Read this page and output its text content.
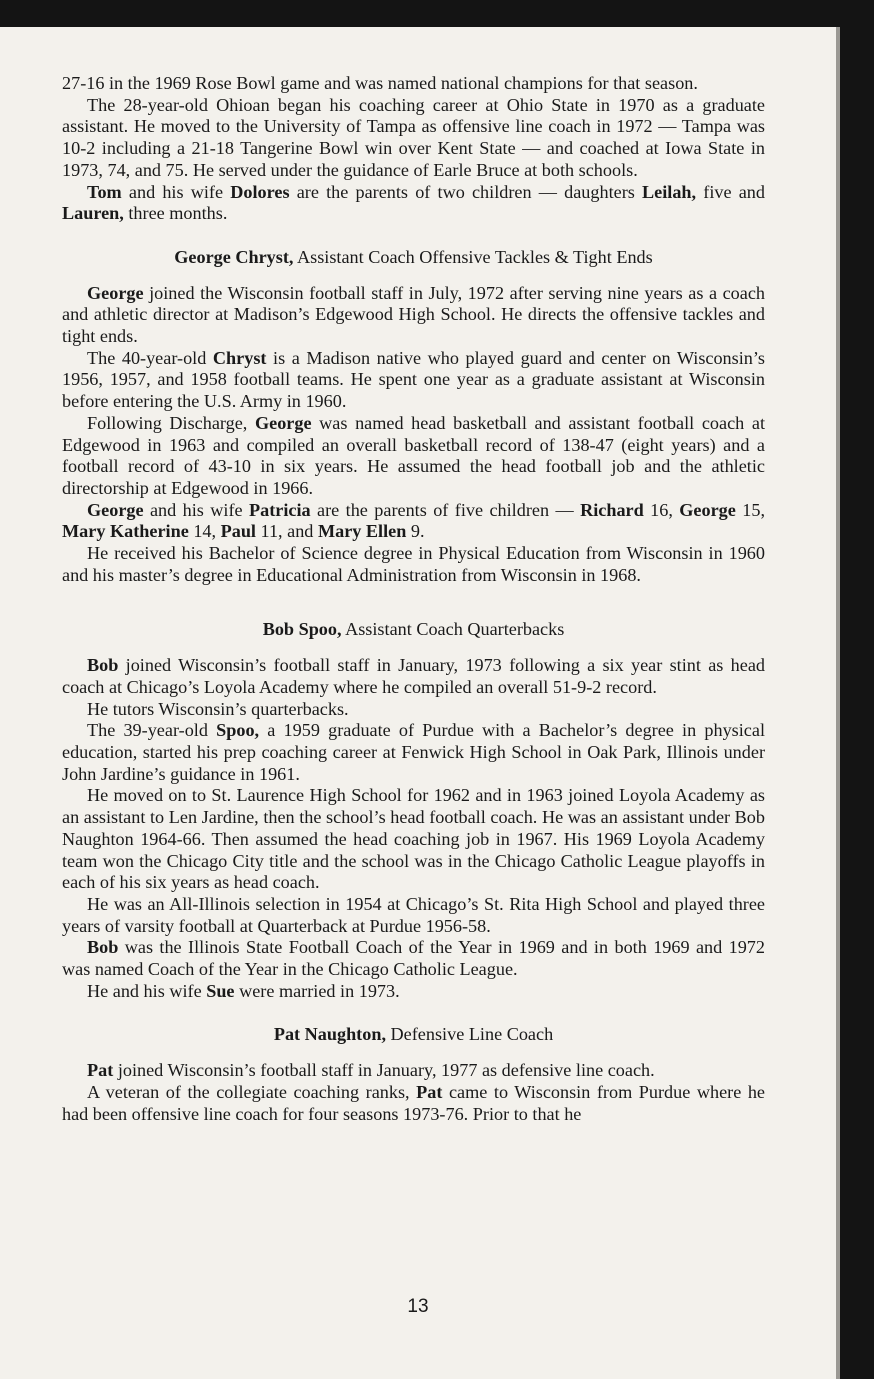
27-16 in the 1969 Rose Bowl game and was named national champions for that season.

The 28-year-old Ohioan began his coaching career at Ohio State in 1970 as a graduate assistant. He moved to the University of Tampa as offensive line coach in 1972 — Tampa was 10-2 including a 21-18 Tangerine Bowl win over Kent State — and coached at Iowa State in 1973, 74, and 75. He served under the guidance of Earle Bruce at both schools.

Tom and his wife Dolores are the parents of two children — daughters Leilah, five and Lauren, three months.

George Chryst, Assistant Coach Offensive Tackles & Tight Ends

George joined the Wisconsin football staff in July, 1972 after serving nine years as a coach and athletic director at Madison’s Edgewood High School. He directs the offensive tackles and tight ends.

The 40-year-old Chryst is a Madison native who played guard and center on Wisconsin’s 1956, 1957, and 1958 football teams. He spent one year as a graduate assistant at Wisconsin before entering the U.S. Army in 1960.

Following Discharge, George was named head basketball and assistant football coach at Edgewood in 1963 and compiled an overall basketball record of 138-47 (eight years) and a football record of 43-10 in six years. He assumed the head football job and the athletic directorship at Edgewood in 1966.

George and his wife Patricia are the parents of five children — Richard 16, George 15, Mary Katherine 14, Paul 11, and Mary Ellen 9.

He received his Bachelor of Science degree in Physical Education from Wisconsin in 1960 and his master’s degree in Educational Administration from Wisconsin in 1968.

Bob Spoo, Assistant Coach Quarterbacks

Bob joined Wisconsin’s football staff in January, 1973 following a six year stint as head coach at Chicago’s Loyola Academy where he compiled an overall 51-9-2 record.

He tutors Wisconsin’s quarterbacks.

The 39-year-old Spoo, a 1959 graduate of Purdue with a Bachelor’s degree in physical education, started his prep coaching career at Fenwick High School in Oak Park, Illinois under John Jardine’s guidance in 1961.

He moved on to St. Laurence High School for 1962 and in 1963 joined Loyola Academy as an assistant to Len Jardine, then the school’s head football coach. He was an assistant under Bob Naughton 1964-66. Then assumed the head coaching job in 1967. His 1969 Loyola Academy team won the Chicago City title and the school was in the Chicago Catholic League playoffs in each of his six years as head coach.

He was an All-Illinois selection in 1954 at Chicago’s St. Rita High School and played three years of varsity football at Quarterback at Purdue 1956-58.

Bob was the Illinois State Football Coach of the Year in 1969 and in both 1969 and 1972 was named Coach of the Year in the Chicago Catholic League.

He and his wife Sue were married in 1973.

Pat Naughton, Defensive Line Coach

Pat joined Wisconsin’s football staff in January, 1977 as defensive line coach.

A veteran of the collegiate coaching ranks, Pat came to Wisconsin from Purdue where he had been offensive line coach for four seasons 1973-76. Prior to that he

13
